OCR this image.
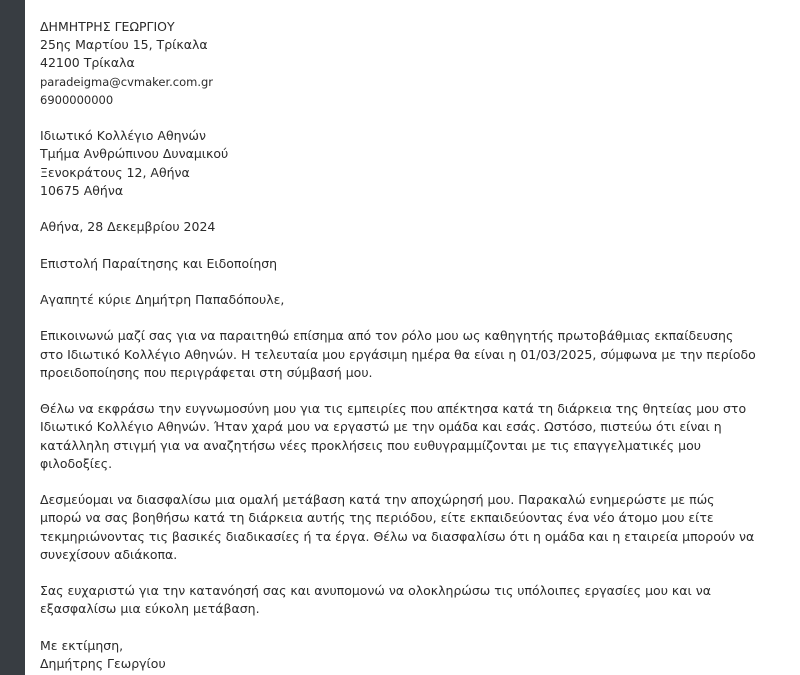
ΔΗΜΗΤΡΗΣ ΓΕΩΡΓΙΟΥ
25ης Μαρτίου 15, Τρίκαλα
42100 Τρίκαλα
paradeigma@cvmaker.com.gr
6900000000
Ιδιωτικό Κολλέγιο Αθηνών
Τμήμα Ανθρώπινου Δυναμικού
Ξενοκράτους 12, Αθήνα
10675 Αθήνα
Αθήνα, 28 Δεκεμβρίου 2024
Επιστολή Παραίτησης και Ειδοποίηση
Αγαπητέ κύριε Δημήτρη Παπαδόπουλε,
Επικοινωνώ μαζί σας για να παραιτηθώ επίσημα από τον ρόλο μου ως καθηγητής πρωτοβάθμιας εκπαίδευσης
στο Ιδιωτικό Κολλέγιο Αθηνών. Η τελευταία μου εργάσιμη ημέρα θα είναι η 01/03/2025, σύμφωνα με την περίοδο
προειδοποίησης που περιγράφεται στη σύμβασή μου.
Θέλω να εκφράσω την ευγνωμοσύνη μου για τις εμπειρίες που απέκτησα κατά τη διάρκεια της θητείας μου στο
Ιδιωτικό Κολλέγιο Αθηνών. Ήταν χαρά μου να εργαστώ με την ομάδα και εσάς. Ωστόσο, πιστεύω ότι είναι η
κατάλληλη στιγμή για να αναζητήσω νέες προκλήσεις που ευθυγραμμίζονται με τις επαγγελματικές μου
φιλοδοξίες.
Δεσμεύομαι να διασφαλίσω μια ομαλή μετάβαση κατά την αποχώρησή μου. Παρακαλώ ενημερώστε με πώς
μπορώ να σας βοηθήσω κατά τη διάρκεια αυτής της περιόδου, είτε εκπαιδεύοντας ένα νέο άτομο μου είτε
τεκμηριώνοντας τις βασικές διαδικασίες ή τα έργα. Θέλω να διασφαλίσω ότι η ομάδα και η εταιρεία μπορούν να
συνεχίσουν αδιάκοπα.
Σας ευχαριστώ για την κατανόησή σας και ανυπομονώ να ολοκληρώσω τις υπόλοιπες εργασίες μου και να
εξασφαλίσω μια εύκολη μετάβαση.
Με εκτίμηση,
Δημήτρης Γεωργίου
